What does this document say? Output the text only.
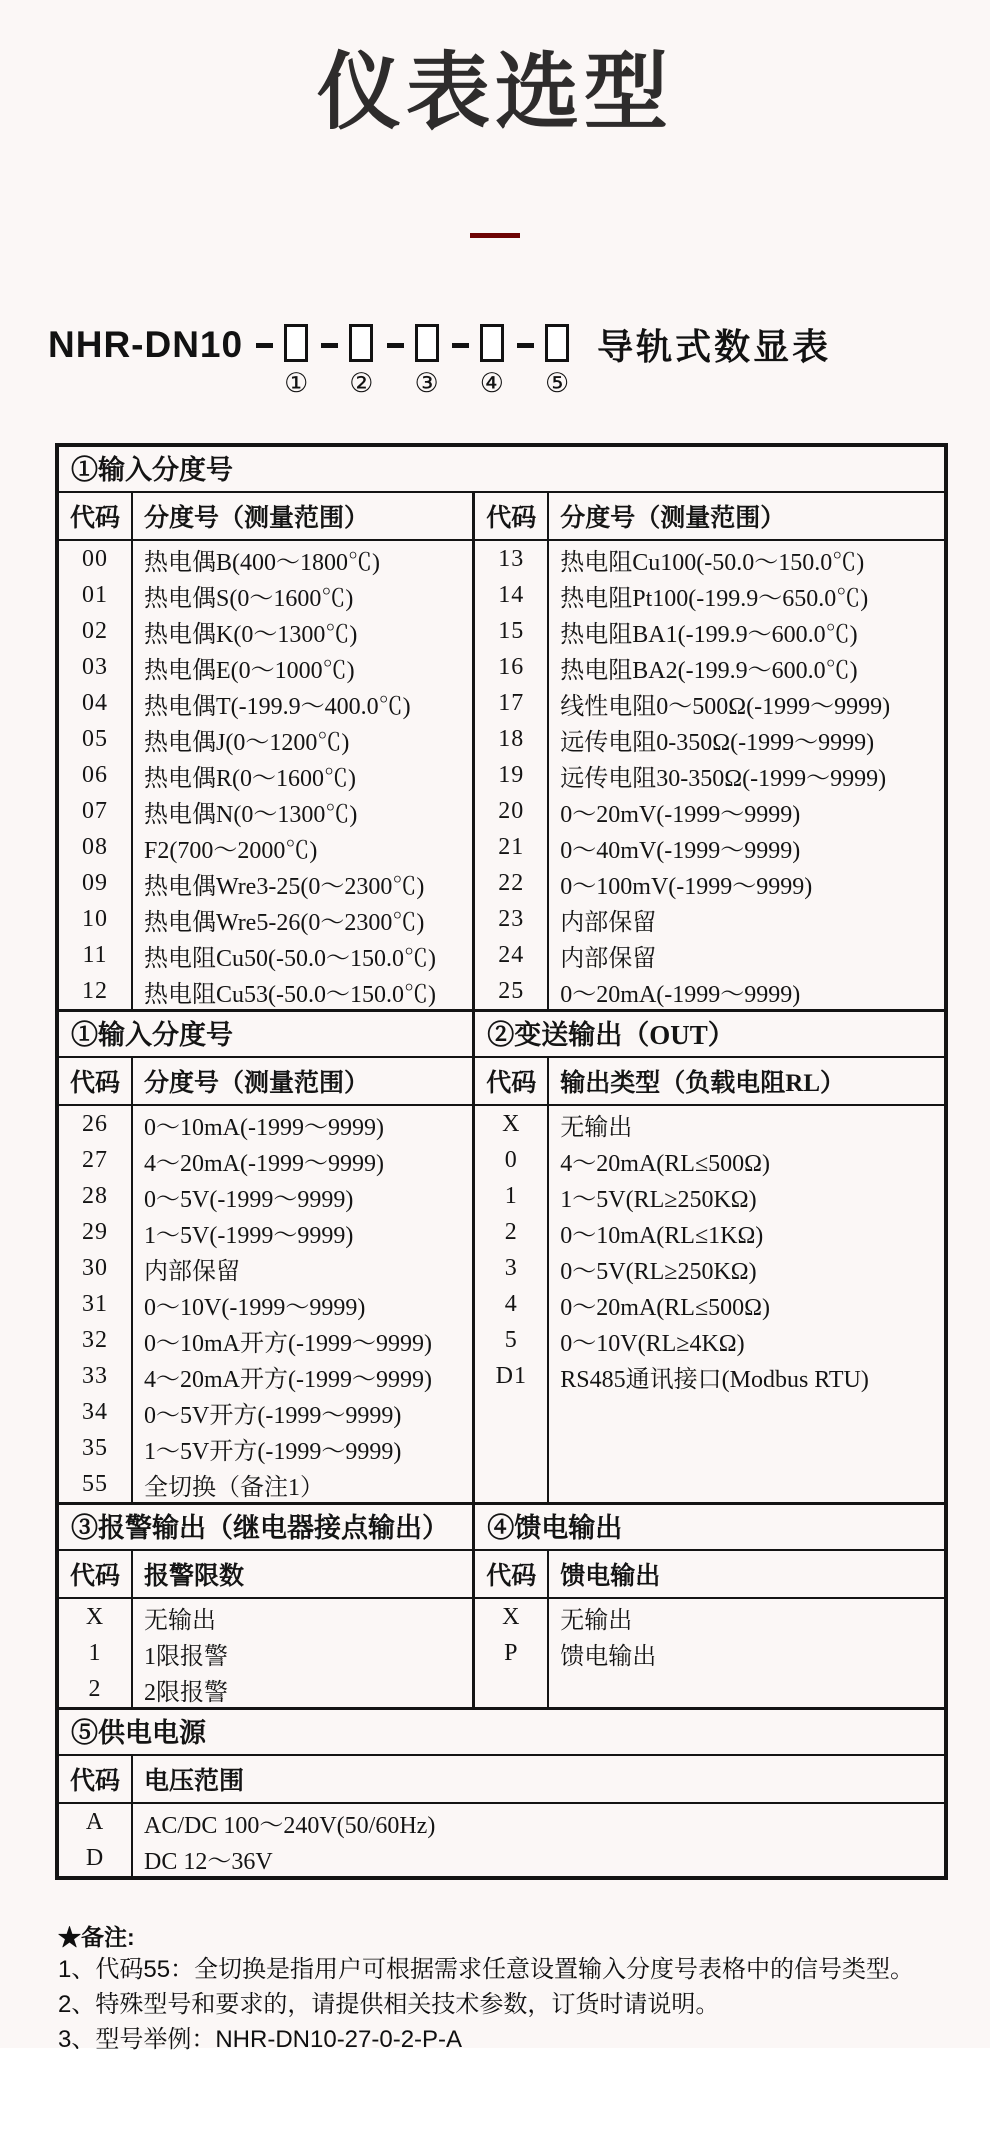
仪表选型
NHR-DN10
① ② ③ ④ ⑤
导轨式数显表
①输入分度号
代码 分度号（测量范围）
00	热电偶B(400～1800℃)
01	热电偶S(0～1600℃)
02	热电偶K(0～1300℃)
03	热电偶E(0～1000℃)
04	热电偶T(-199.9～400.0℃)
05	热电偶J(0～1200℃)
06	热电偶R(0～1600℃)
07	热电偶N(0～1300℃)
08	F2(700～2000℃)
09	热电偶Wre3-25(0～2300℃)
10	热电偶Wre5-26(0～2300℃)
11	热电阻Cu50(-50.0～150.0℃)
12	热电阻Cu53(-50.0～150.0℃)
代码 分度号（测量范围）
13	热电阻Cu100(-50.0～150.0℃)
14	热电阻Pt100(-199.9～650.0℃)
15	热电阻BA1(-199.9～600.0℃)
16	热电阻BA2(-199.9～600.0℃)
17	线性电阻0～500Ω(-1999～9999)
18	远传电阻0-350Ω(-1999～9999)
19	远传电阻30-350Ω(-1999～9999)
20	0～20mV(-1999～9999)
21	0～40mV(-1999～9999)
22	0～100mV(-1999～9999)
23	内部保留
24	内部保留
25	0～20mA(-1999～9999)
①输入分度号	②变送输出（OUT）
代码 分度号（测量范围）
26	0～10mA(-1999～9999)
27	4～20mA(-1999～9999)
28	0～5V(-1999～9999)
29	1～5V(-1999～9999)
30	内部保留
31	0～10V(-1999～9999)
32	0～10mA开方(-1999～9999)
33	4～20mA开方(-1999～9999)
34	0～5V开方(-1999～9999)
35	1～5V开方(-1999～9999)
55	全切换（备注1）
代码 输出类型（负载电阻RL）
X	无输出
0	4～20mA(RL≤500Ω)
1	1～5V(RL≥250KΩ)
2	0～10mA(RL≤1KΩ)
3	0～5V(RL≥250KΩ)
4	0～20mA(RL≤500Ω)
5	0～10V(RL≥4KΩ)
D1	RS485通讯接口(Modbus RTU)
③报警输出（继电器接点输出）	④馈电输出
代码 报警限数
X	无输出
1	1限报警
2	2限报警
代码 馈电输出
X	无输出
P	馈电输出
⑤供电电源
代码 电压范围
A	AC/DC 100～240V(50/60Hz)
D	DC 12～36V
★备注:
1、代码55：全切换是指用户可根据需求任意设置输入分度号表格中的信号类型。
2、特殊型号和要求的，请提供相关技术参数，订货时请说明。
3、型号举例：NHR-DN10-27-0-2-P-A
